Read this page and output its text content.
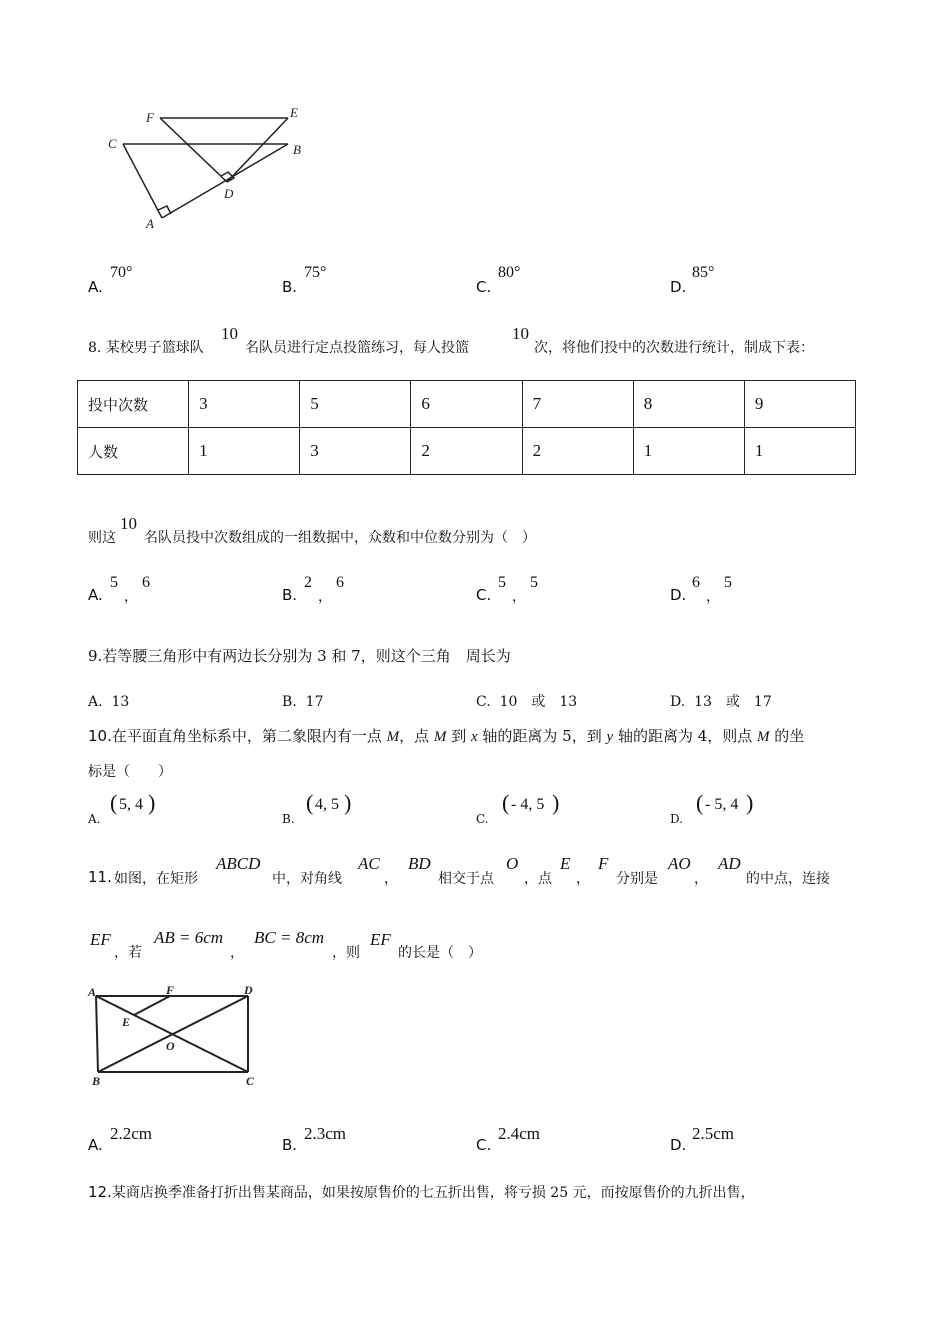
F	E
C	B
D
A
A.
70°
B.
75°
C.
80°
D.
85°
8. 某校男子篮球队
10
名队员进行定点投篮练习，每人投篮
10
次，将他们投中的次数进行统计，制成下表：
投中次数	3	5	6	7	8	9
人数	1	3	2	2	1	1
则这
10
名队员投中次数组成的一组数据中，众数和中位数分别为（　）
A.
5
，
6
B.
2
，
6
C.
5
，
5
D.
6
，
5
9.若等腰三角形中有两边长分别为 3 和 7，则这个三角　周长为
A. 13	B. 17	C. 10　或　13	D. 13　或　17
10.在平面直角坐标系中，第二象限内有一点 M，点 M 到 x 轴的距离为 5，到 y 轴的距离为 4，则点 M 的坐
标是（　　）
A.
( 5, 4 )
B.
( 4, 5 )
C.
( - 4, 5 )
D.
( - 5, 4 )
11. 如图，在矩形
ABCD
中，对角线
AC
，
BD
相交于点
O
，点
E
，
F
分别是
AO
，
AD
的中点，连接
EF
，若
AB = 6cm
，
BC = 8cm
，则
EF
的长是（　）
A	F	D
E
O
B	C
A.
2.2cm
B.
2.3cm
C.
2.4cm
D.
2.5cm
12.某商店换季准备打折出售某商品，如果按原售价的七五折出售，将亏损 25 元，而按原售价的九折出售，
